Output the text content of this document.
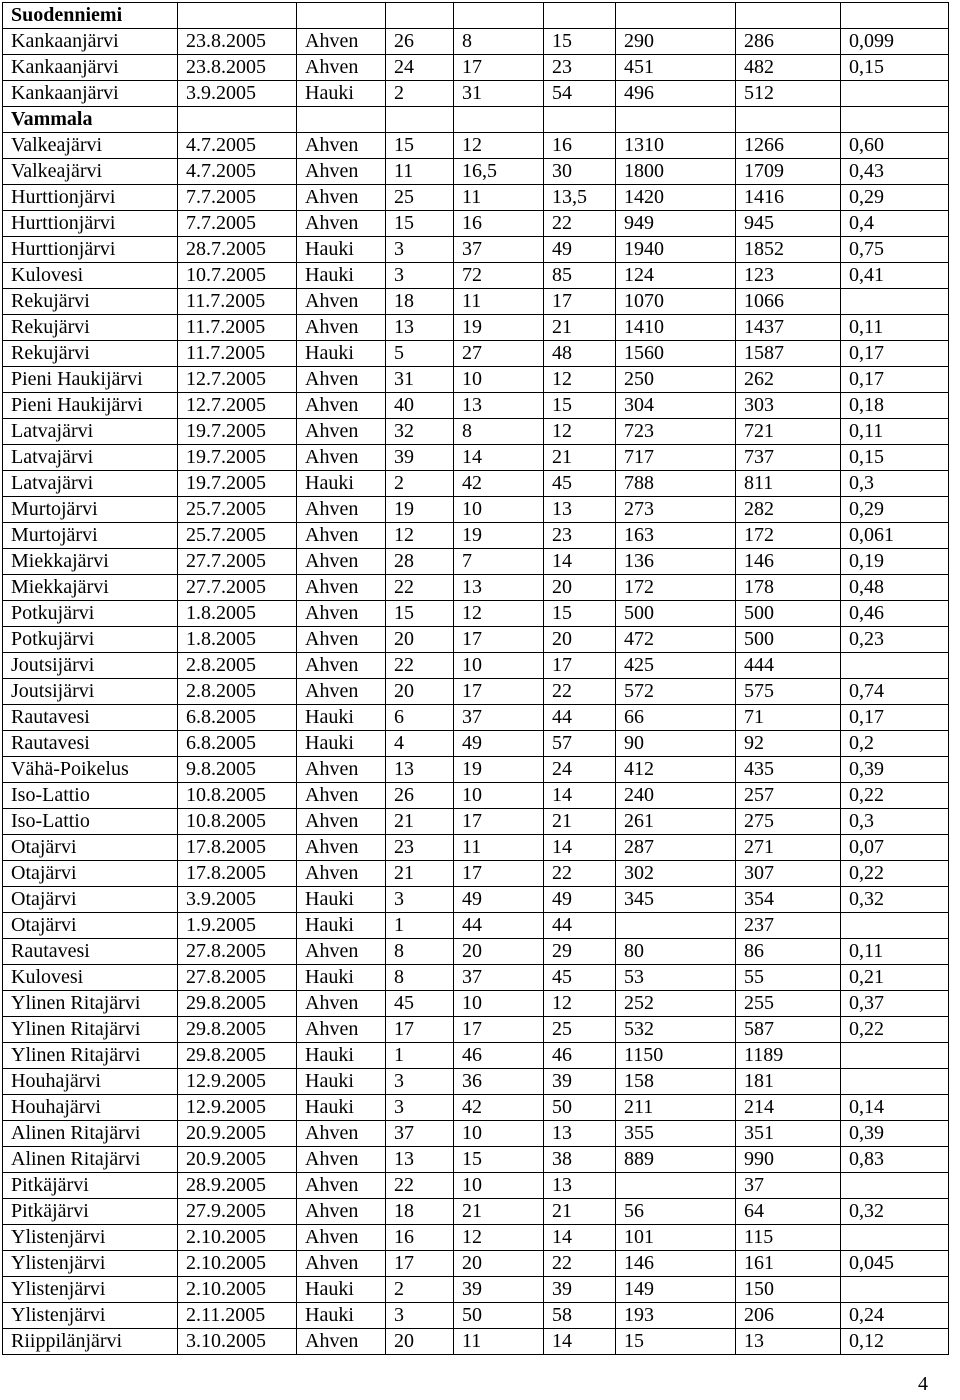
Suodenniemi								
Kankaanjärvi	23.8.2005	Ahven	26	8	15	290	286	0,099
Kankaanjärvi	23.8.2005	Ahven	24	17	23	451	482	0,15
Kankaanjärvi	3.9.2005	Hauki	2	31	54	496	512	
Vammala								
Valkeajärvi	4.7.2005	Ahven	15	12	16	1310	1266	0,60
Valkeajärvi	4.7.2005	Ahven	11	16,5	30	1800	1709	0,43
Hurttionjärvi	7.7.2005	Ahven	25	11	13,5	1420	1416	0,29
Hurttionjärvi	7.7.2005	Ahven	15	16	22	949	945	0,4
Hurttionjärvi	28.7.2005	Hauki	3	37	49	1940	1852	0,75
Kulovesi	10.7.2005	Hauki	3	72	85	124	123	0,41
Rekujärvi	11.7.2005	Ahven	18	11	17	1070	1066	
Rekujärvi	11.7.2005	Ahven	13	19	21	1410	1437	0,11
Rekujärvi	11.7.2005	Hauki	5	27	48	1560	1587	0,17
Pieni Haukijärvi	12.7.2005	Ahven	31	10	12	250	262	0,17
Pieni Haukijärvi	12.7.2005	Ahven	40	13	15	304	303	0,18
Latvajärvi	19.7.2005	Ahven	32	8	12	723	721	0,11
Latvajärvi	19.7.2005	Ahven	39	14	21	717	737	0,15
Latvajärvi	19.7.2005	Hauki	2	42	45	788	811	0,3
Murtojärvi	25.7.2005	Ahven	19	10	13	273	282	0,29
Murtojärvi	25.7.2005	Ahven	12	19	23	163	172	0,061
Miekkajärvi	27.7.2005	Ahven	28	7	14	136	146	0,19
Miekkajärvi	27.7.2005	Ahven	22	13	20	172	178	0,48
Potkujärvi	1.8.2005	Ahven	15	12	15	500	500	0,46
Potkujärvi	1.8.2005	Ahven	20	17	20	472	500	0,23
Joutsijärvi	2.8.2005	Ahven	22	10	17	425	444	
Joutsijärvi	2.8.2005	Ahven	20	17	22	572	575	0,74
Rautavesi	6.8.2005	Hauki	6	37	44	66	71	0,17
Rautavesi	6.8.2005	Hauki	4	49	57	90	92	0,2
Vähä-Poikelus	9.8.2005	Ahven	13	19	24	412	435	0,39
Iso-Lattio	10.8.2005	Ahven	26	10	14	240	257	0,22
Iso-Lattio	10.8.2005	Ahven	21	17	21	261	275	0,3
Otajärvi	17.8.2005	Ahven	23	11	14	287	271	0,07
Otajärvi	17.8.2005	Ahven	21	17	22	302	307	0,22
Otajärvi	3.9.2005	Hauki	3	49	49	345	354	0,32
Otajärvi	1.9.2005	Hauki	1	44	44		237	
Rautavesi	27.8.2005	Ahven	8	20	29	80	86	0,11
Kulovesi	27.8.2005	Hauki	8	37	45	53	55	0,21
Ylinen Ritajärvi	29.8.2005	Ahven	45	10	12	252	255	0,37
Ylinen Ritajärvi	29.8.2005	Ahven	17	17	25	532	587	0,22
Ylinen Ritajärvi	29.8.2005	Hauki	1	46	46	1150	1189	
Houhajärvi	12.9.2005	Hauki	3	36	39	158	181	
Houhajärvi	12.9.2005	Hauki	3	42	50	211	214	0,14
Alinen Ritajärvi	20.9.2005	Ahven	37	10	13	355	351	0,39
Alinen Ritajärvi	20.9.2005	Ahven	13	15	38	889	990	0,83
Pitkäjärvi	28.9.2005	Ahven	22	10	13		37	
Pitkäjärvi	27.9.2005	Ahven	18	21	21	56	64	0,32
Ylistenjärvi	2.10.2005	Ahven	16	12	14	101	115	
Ylistenjärvi	2.10.2005	Ahven	17	20	22	146	161	0,045
Ylistenjärvi	2.10.2005	Hauki	2	39	39	149	150	
Ylistenjärvi	2.11.2005	Hauki	3	50	58	193	206	0,24
Riippilänjärvi	3.10.2005	Ahven	20	11	14	15	13	0,12
4
